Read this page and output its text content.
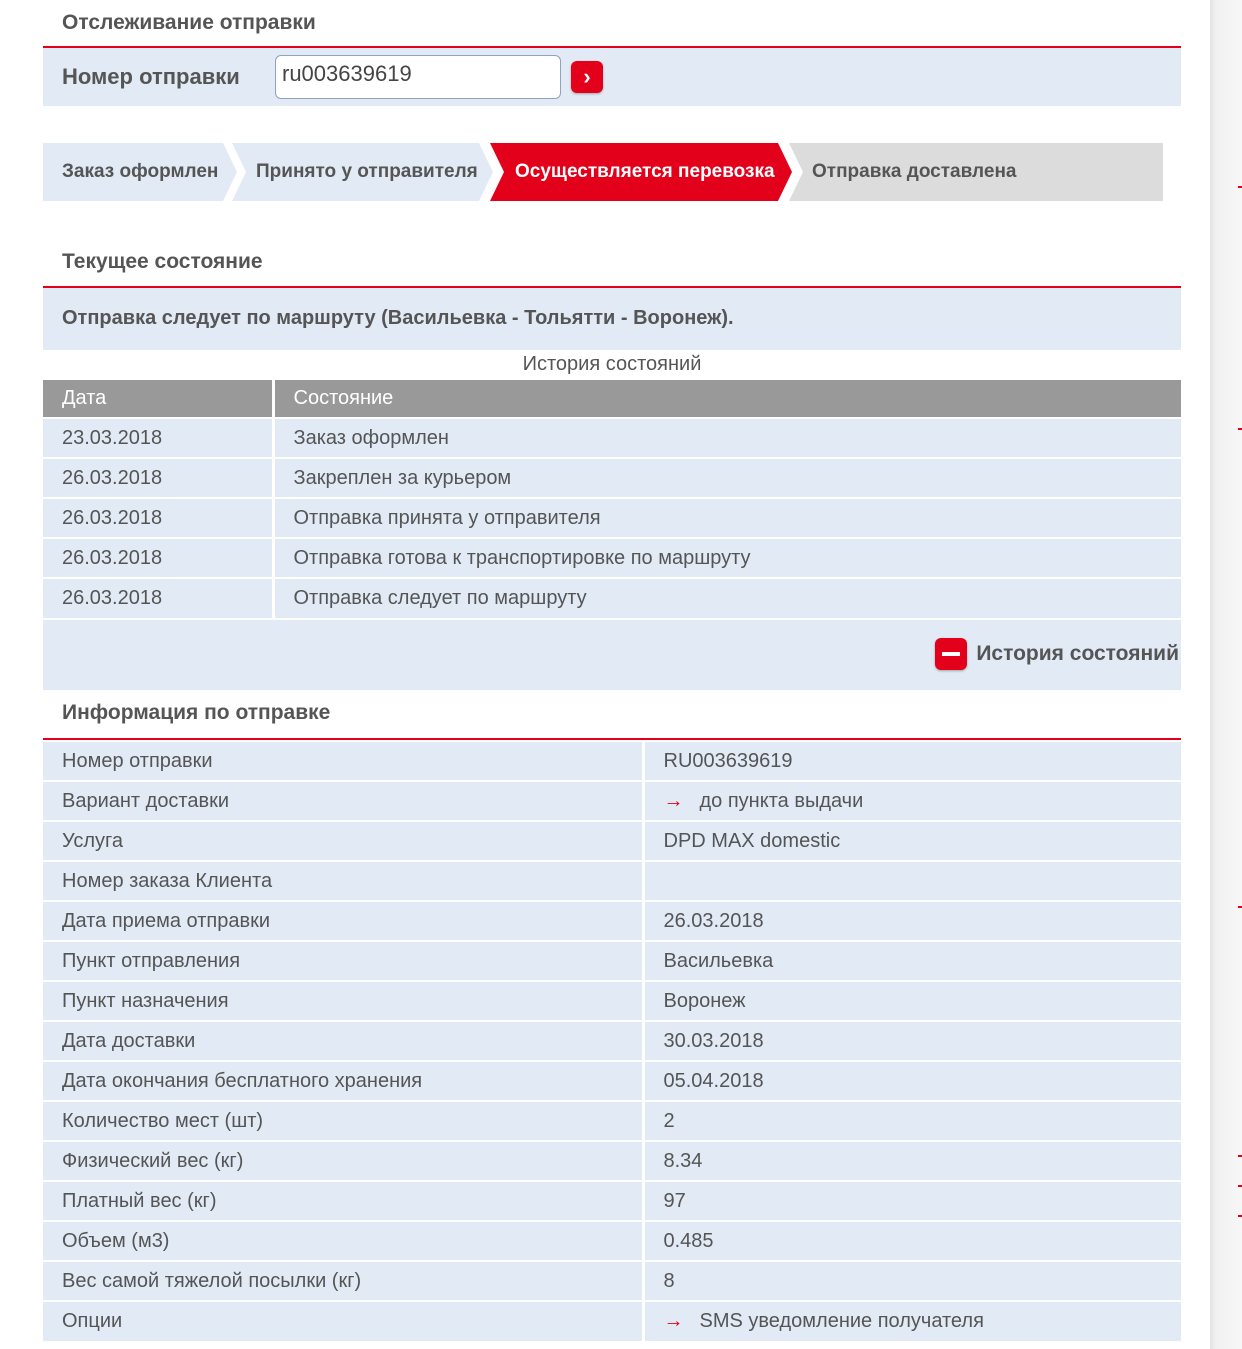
Отслеживание отправки
Номер отправки
ru003639619	›
Заказ оформлен Принято у отправителя Осуществляется перевозка Отправка доставлена
Текущее состояние
Отправка следует по маршруту (Васильевка - Тольятти - Воронеж).
История состояний
Дата	Состояние
23.03.2018	Заказ оформлен
26.03.2018	Закреплен за курьером
26.03.2018	Отправка принята у отправителя
26.03.2018	Отправка готова к транспортировке по маршруту
26.03.2018	Отправка следует по маршруту
История состояний
Информация по отправке
Номер отправки	RU003639619
Вариант доставки	→ до пункта выдачи
Услуга	DPD MAX domestic
Номер заказа Клиента	
Дата приема отправки	26.03.2018
Пункт отправления	Васильевка
Пункт назначения	Воронеж
Дата доставки	30.03.2018
Дата окончания бесплатного хранения	05.04.2018
Количество мест (шт)	2
Физический вес (кг)	8.34
Платный вес (кг)	97
Объем (м3)	0.485
Вес самой тяжелой посылки (кг)	8
Опции	→ SMS уведомление получателя
